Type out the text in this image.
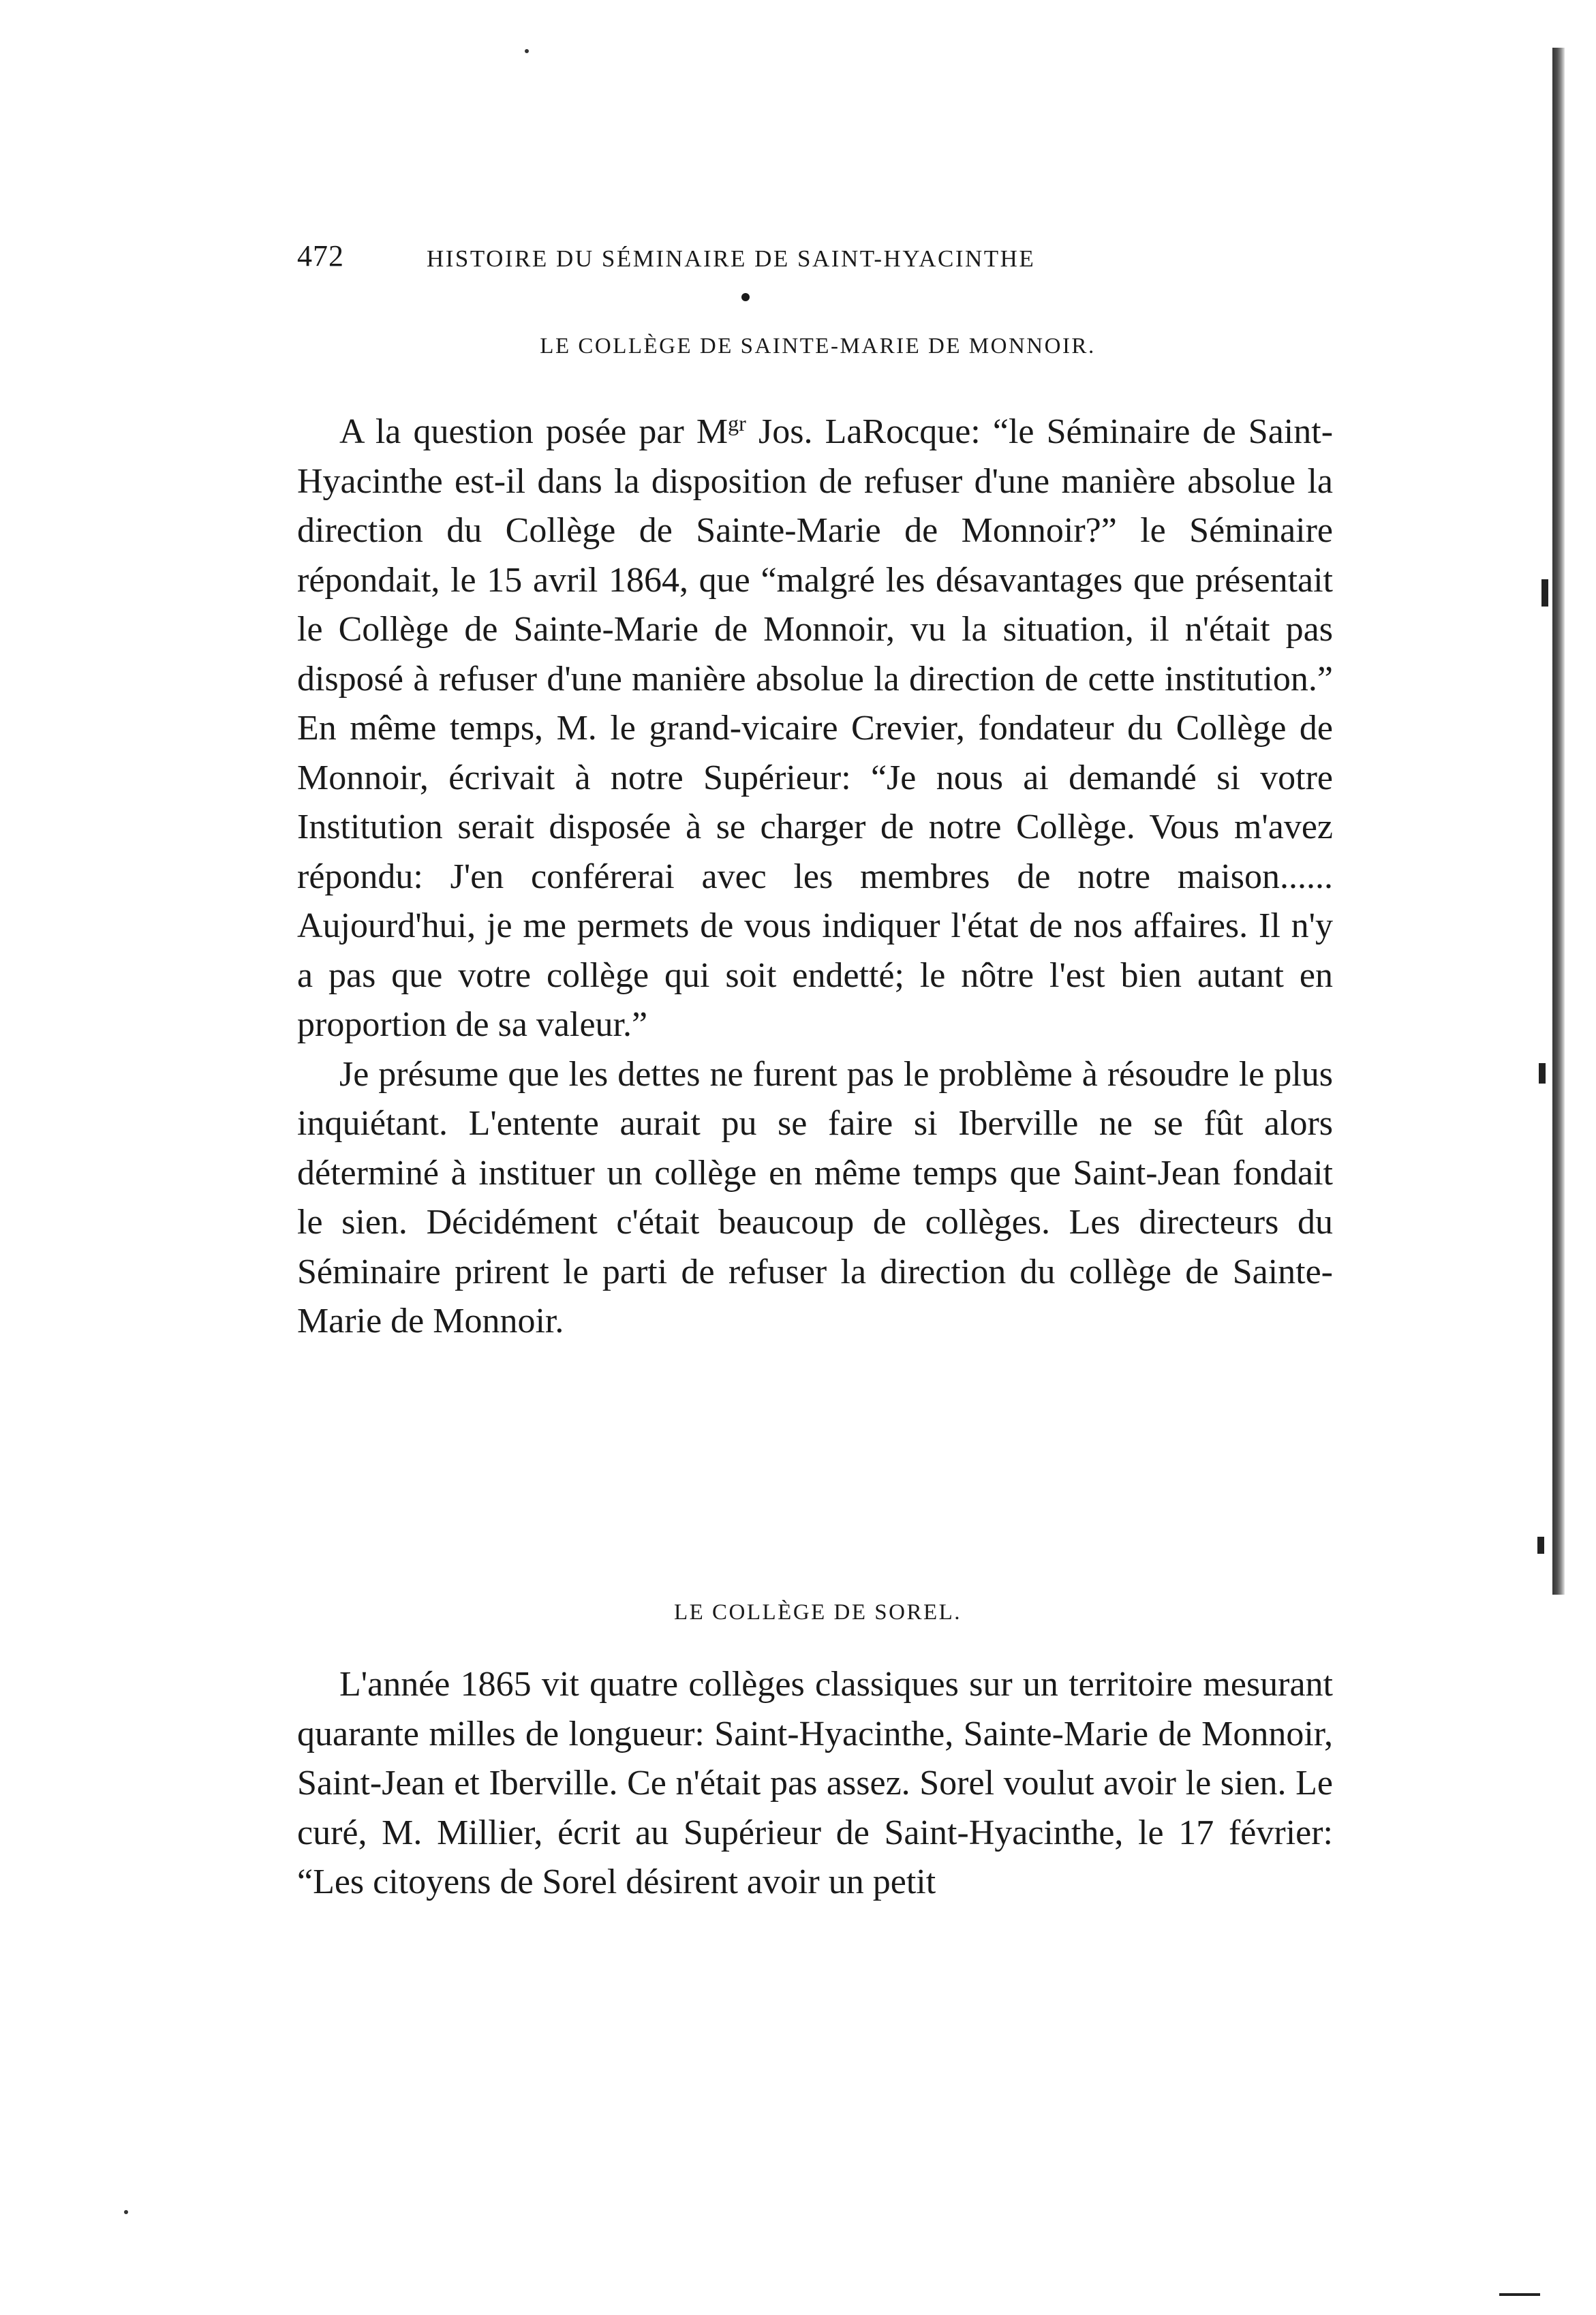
472	HISTOIRE DU SÉMINAIRE DE SAINT-HYACINTHE
LE COLLÈGE DE SAINTE-MARIE DE MONNOIR.

A la question posée par $M^{gr}$ Jos. LaRocque: “le Séminaire de Saint-Hyacinthe est-il dans la disposition de refuser d'une manière absolue la direction du Collège de Sainte-Marie de Monnoir?” le Séminaire répondait, le 15 avril 1864, que “malgré les désavantages que présentait le Collège de Sainte-Marie de Monnoir, vu la situation, il n'était pas disposé à refuser d'une manière absolue la direction de cette institution.” En même temps, M. le grand-vicaire Crevier, fondateur du Collège de Monnoir, écrivait à notre Supérieur: “Je nous ai demandé si votre Institution serait disposée à se charger de notre Collège. Vous m'avez répondu: J'en conférerai avec les membres de notre maison...... Aujourd'hui, je me permets de vous indiquer l'état de nos affaires. Il n'y a pas que votre collège qui soit endetté; le nôtre l'est bien autant en proportion de sa valeur.”

Je présume que les dettes ne furent pas le problème à résoudre le plus inquiétant. L'entente aurait pu se faire si Iberville ne se fût alors déterminé à instituer un collège en même temps que Saint-Jean fondait le sien. Décidément c'était beaucoup de collèges. Les directeurs du Séminaire prirent le parti de refuser la direction du collège de Sainte-Marie de Monnoir.

LE COLLÈGE DE SOREL.

L'année 1865 vit quatre collèges classiques sur un territoire mesurant quarante milles de longueur: Saint-Hyacinthe, Sainte-Marie de Monnoir, Saint-Jean et Iberville. Ce n'était pas assez. Sorel voulut avoir le sien. Le curé, M. Millier, écrit au Supérieur de Saint-Hyacinthe, le 17 février: “Les citoyens de Sorel désirent avoir un petit
